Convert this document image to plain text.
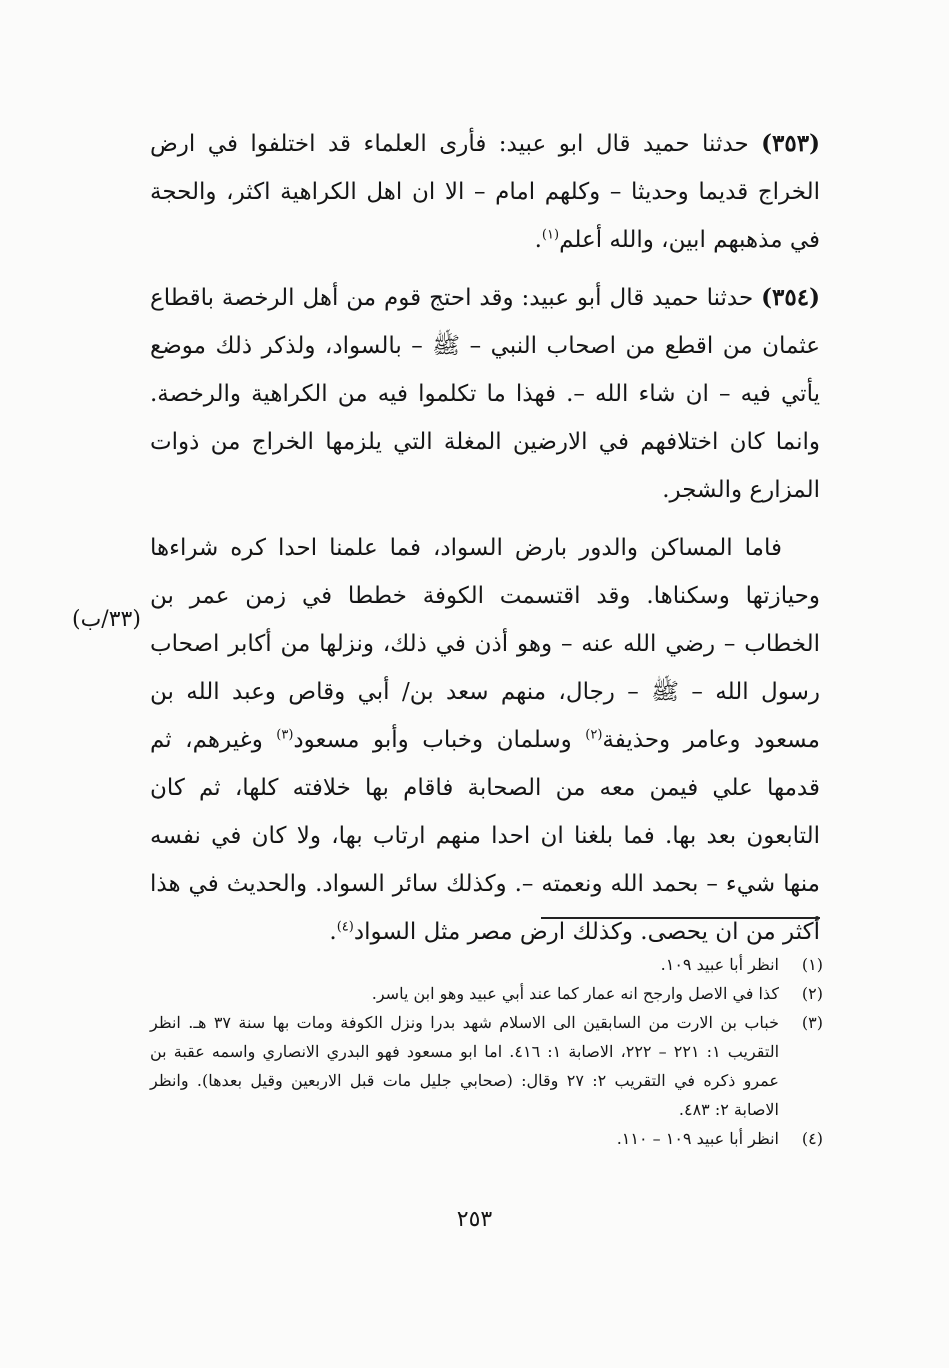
(٣٥٣) حدثنا حميد قال ابو عبيد: فأرى العلماء قد اختلفوا في ارض الخراج قديما وحديثا – وكلهم امام – الا ان اهل الكراهية اكثر، والحجة في مذهبهم ابين، والله أعلم$^{(١)}$.

(٣٥٤) حدثنا حميد قال أبو عبيد: وقد احتج قوم من أهل الرخصة باقطاع عثمان من اقطع من اصحاب النبي – ﷺ – بالسواد، ولذكر ذلك موضع يأتي فيه – ان شاء الله –. فهذا ما تكلموا فيه من الكراهية والرخصة. وانما كان اختلافهم في الارضين المغلة التي يلزمها الخراج من ذوات المزارع والشجر.

فاما المساكن والدور بارض السواد، فما علمنا احدا كره شراءها وحيازتها وسكناها. وقد اقتسمت الكوفة خططا في زمن عمر بن الخطاب – رضي الله عنه – وهو أذن في ذلك، ونزلها من أكابر اصحاب رسول الله – ﷺ – رجال، منهم سعد بن/ أبي وقاص وعبد الله بن مسعود وعامر وحذيفة$^{(٢)}$ وسلمان وخباب وأبو مسعود$^{(٣)}$ وغيرهم، ثم قدمها علي فيمن معه من الصحابة فاقام بها خلافته كلها، ثم كان التابعون بعد بها. فما بلغنا ان احدا منهم ارتاب بها، ولا كان في نفسه منها شيء – بحمد الله ونعمته –. وكذلك سائر السواد. والحديث في هذا أكثر من ان يحصى. وكذلك ارض مصر مثل السواد$^{(٤)}$.

(٣٣/ب)
(١)
انظر أبا عبيد ١٠٩.
(٢)
كذا في الاصل وارجح انه عمار كما عند أبي عبيد وهو ابن ياسر.
(٣)
خباب بن الارت من السابقين الى الاسلام شهد بدرا ونزل الكوفة ومات بها سنة ٣٧ هـ. انظر التقريب ١: ٢٢١ – ٢٢٢، الاصابة ١: ٤١٦. اما ابو مسعود فهو البدري الانصاري واسمه عقبة بن عمرو ذكره في التقريب ٢: ٢٧ وقال: (صحابي جليل مات قبل الاربعين وقيل بعدها). وانظر الاصابة ٢: ٤٨٣.
(٤)
انظر أبا عبيد ١٠٩ – ١١٠.
٢٥٣
